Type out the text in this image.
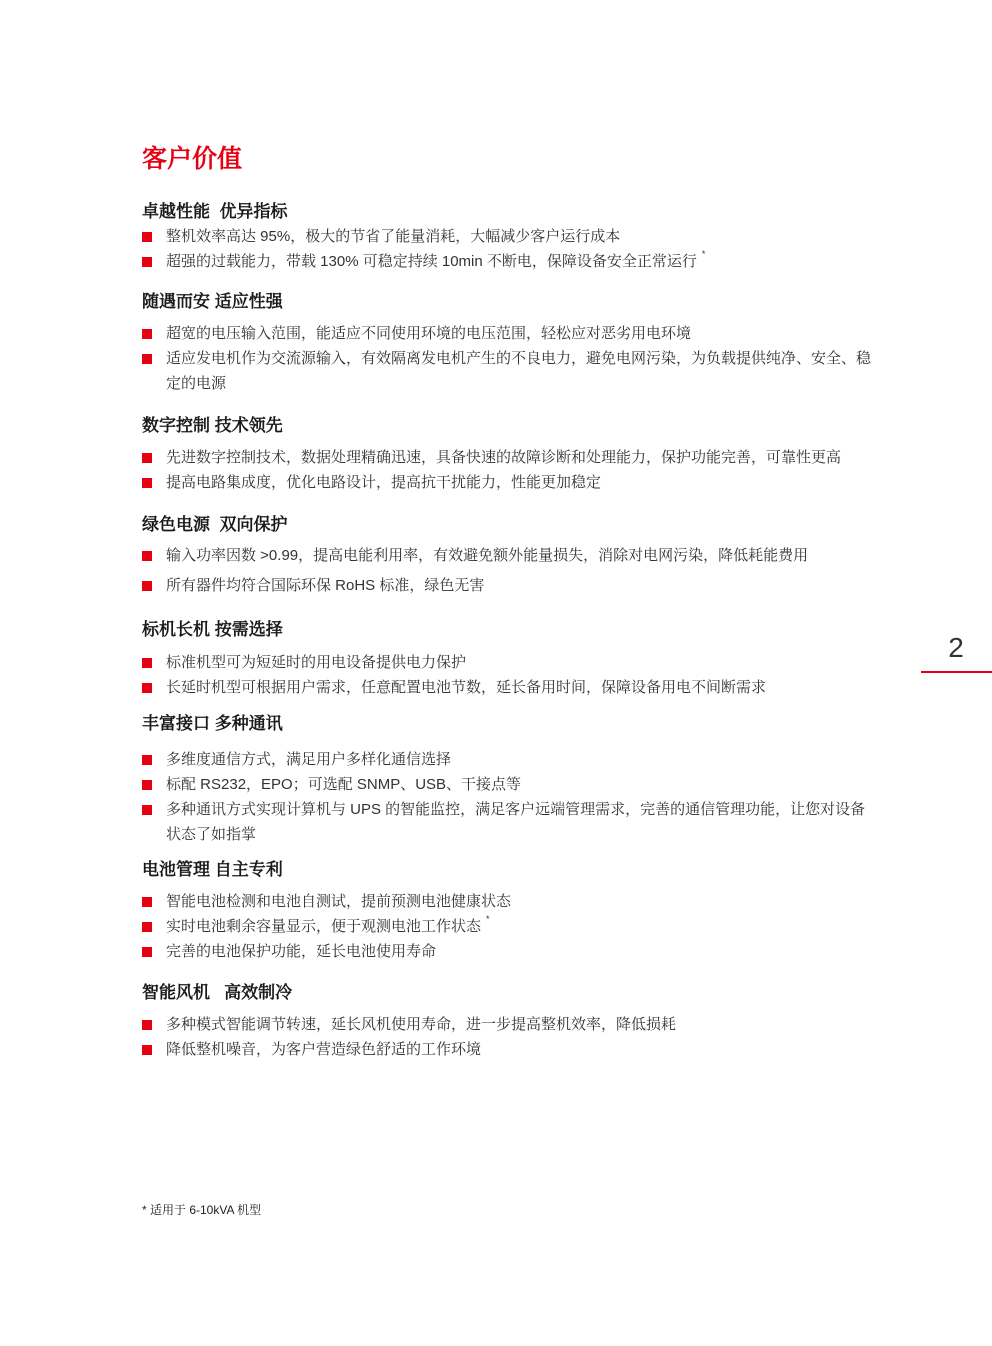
客户价值
卓越性能  优异指标
整机效率高达 95%，极大的节省了能量消耗，大幅减少客户运行成本
超强的过载能力，带载 130% 可稳定持续 10min 不断电，保障设备安全正常运行 *
随遇而安 适应性强
超宽的电压输入范围，能适应不同使用环境的电压范围，轻松应对恶劣用电环境
适应发电机作为交流源输入，有效隔离发电机产生的不良电力，避免电网污染，为负载提供纯净、安全、稳定的电源
数字控制 技术领先
先进数字控制技术，数据处理精确迅速，具备快速的故障诊断和处理能力，保护功能完善，可靠性更高
提高电路集成度，优化电路设计，提高抗干扰能力，性能更加稳定
绿色电源  双向保护
输入功率因数 >0.99，提高电能利用率，有效避免额外能量损失，消除对电网污染，降低耗能费用
所有器件均符合国际环保 RoHS 标准，绿色无害
标机长机 按需选择
标准机型可为短延时的用电设备提供电力保护
长延时机型可根据用户需求，任意配置电池节数，延长备用时间，保障设备用电不间断需求
丰富接口 多种通讯
多维度通信方式，满足用户多样化通信选择
标配 RS232，EPO；可选配 SNMP、USB、干接点等
多种通讯方式实现计算机与 UPS 的智能监控，满足客户远端管理需求，完善的通信管理功能，让您对设备状态了如指掌
电池管理 自主专利
智能电池检测和电池自测试，提前预测电池健康状态
实时电池剩余容量显示，便于观测电池工作状态 *
完善的电池保护功能，延长电池使用寿命
智能风机   高效制冷
多种模式智能调节转速，延长风机使用寿命，进一步提高整机效率，降低损耗
降低整机噪音，为客户营造绿色舒适的工作环境
* 适用于 6-10kVA 机型
2
